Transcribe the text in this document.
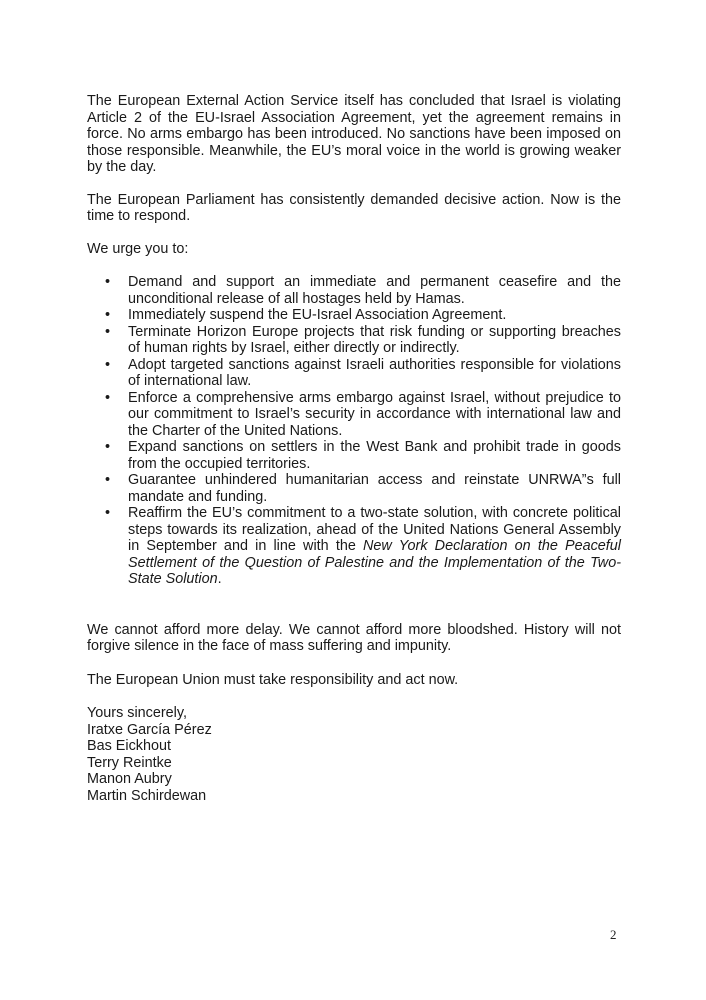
The European External Action Service itself has concluded that Israel is violating Article 2 of the EU-Israel Association Agreement, yet the agreement remains in force. No arms embargo has been introduced. No sanctions have been imposed on those responsible. Meanwhile, the EU’s moral voice in the world is growing weaker by the day.

The European Parliament has consistently demanded decisive action. Now is the time to respond.

We urge you to:

• Demand and support an immediate and permanent ceasefire and the unconditional release of all hostages held by Hamas.
• Immediately suspend the EU-Israel Association Agreement.
• Terminate Horizon Europe projects that risk funding or supporting breaches of human rights by Israel, either directly or indirectly.
• Adopt targeted sanctions against Israeli authorities responsible for violations of international law.
• Enforce a comprehensive arms embargo against Israel, without prejudice to our commitment to Israel’s security in accordance with international law and the Charter of the United Nations.
• Expand sanctions on settlers in the West Bank and prohibit trade in goods from the occupied territories.
• Guarantee unhindered humanitarian access and reinstate UNRWA”s full mandate and funding.
• Reaffirm the EU’s commitment to a two-state solution, with concrete political steps towards its realization, ahead of the United Nations General Assembly in September and in line with the New York Declaration on the Peaceful Settlement of the Question of Palestine and the Implementation of the Two-State Solution.

We cannot afford more delay. We cannot afford more bloodshed. History will not forgive silence in the face of mass suffering and impunity.

The European Union must take responsibility and act now.

Yours sincerely,
Iratxe García Pérez
Bas Eickhout
Terry Reintke
Manon Aubry
Martin Schirdewan
2
